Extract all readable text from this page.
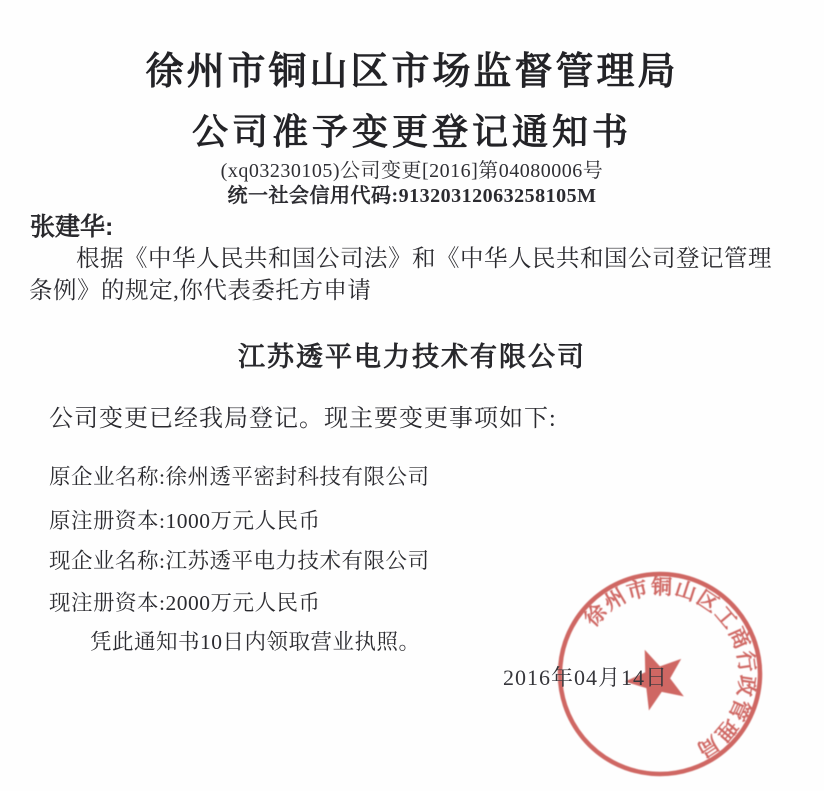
徐州市铜山区市场监督管理局
公司准予变更登记通知书
(xq03230105)公司变更[2016]第04080006号
统一社会信用代码:91320312063258105M
张建华:

根据《中华人民共和国公司法》和《中华人民共和国公司登记管理条例》的规定,你代表委托方申请

江苏透平电力技术有限公司
公司变更已经我局登记。现主要变更事项如下:
原企业名称:徐州透平密封科技有限公司
原注册资本:1000万元人民币
现企业名称:江苏透平电力技术有限公司
现注册资本:2000万元人民币
凭此通知书10日内领取营业执照。
2016年04月14日
徐州市铜山区工商行政管理局
